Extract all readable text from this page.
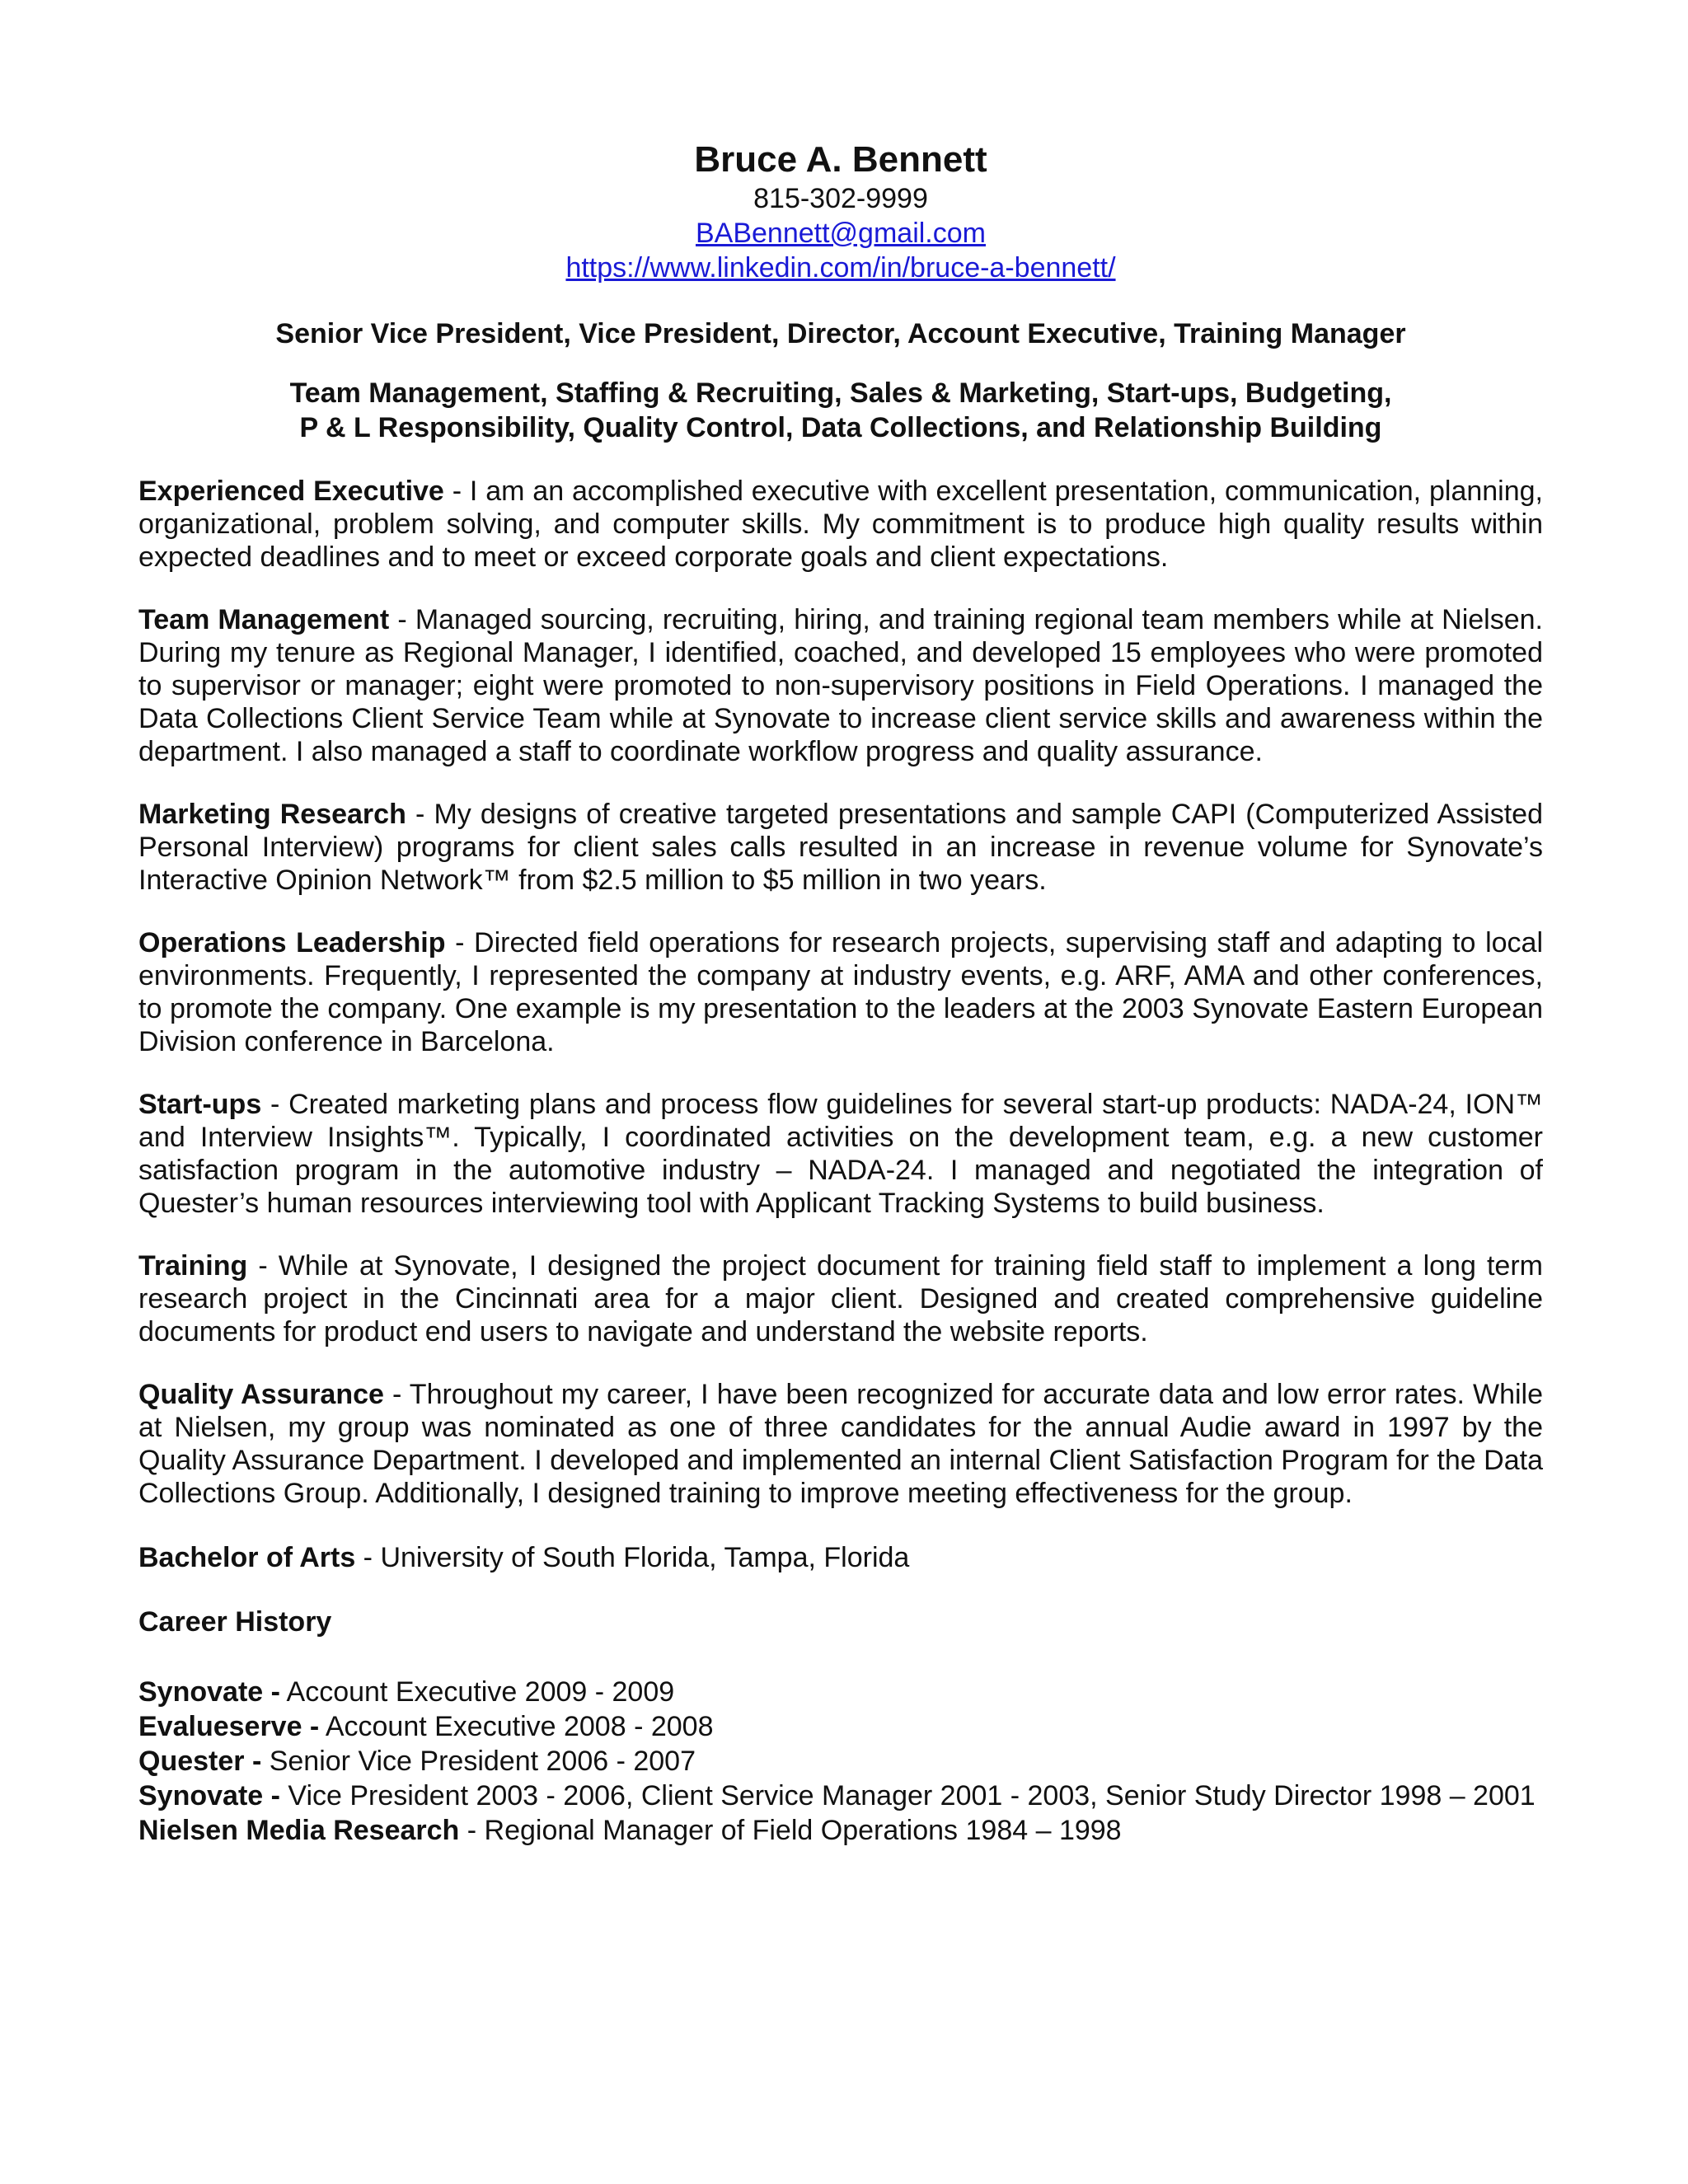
Bruce A. Bennett

815-302-9999

BABennett@gmail.com

https://www.linkedin.com/in/bruce-a-bennett/

Senior Vice President, Vice President, Director, Account Executive, Training Manager

Team Management, Staffing & Recruiting, Sales & Marketing, Start-ups, Budgeting,
P & L Responsibility, Quality Control, Data Collections, and Relationship Building

Experienced Executive - I am an accomplished executive with excellent presentation, communication, planning, organizational, problem solving, and computer skills. My commitment is to produce high quality results within expected deadlines and to meet or exceed corporate goals and client expectations.

Team Management - Managed sourcing, recruiting, hiring, and training regional team members while at Nielsen. During my tenure as Regional Manager, I identified, coached, and developed 15 employees who were promoted to supervisor or manager; eight were promoted to non-supervisory positions in Field Operations. I managed the Data Collections Client Service Team while at Synovate to increase client service skills and awareness within the department. I also managed a staff to coordinate workflow progress and quality assurance.

Marketing Research - My designs of creative targeted presentations and sample CAPI (Computerized Assisted Personal Interview) programs for client sales calls resulted in an increase in revenue volume for Synovate’s Interactive Opinion Network™ from $2.5 million to $5 million in two years.

Operations Leadership - Directed field operations for research projects, supervising staff and adapting to local environments. Frequently, I represented the company at industry events, e.g. ARF, AMA and other conferences, to promote the company. One example is my presentation to the leaders at the 2003 Synovate Eastern European Division conference in Barcelona.

Start-ups - Created marketing plans and process flow guidelines for several start-up products: NADA-24, ION™ and Interview Insights™. Typically, I coordinated activities on the development team, e.g. a new customer satisfaction program in the automotive industry – NADA-24. I managed and negotiated the integration of Quester’s human resources interviewing tool with Applicant Tracking Systems to build business.

Training - While at Synovate, I designed the project document for training field staff to implement a long term research project in the Cincinnati area for a major client. Designed and created comprehensive guideline documents for product end users to navigate and understand the website reports.

Quality Assurance - Throughout my career, I have been recognized for accurate data and low error rates. While at Nielsen, my group was nominated as one of three candidates for the annual Audie award in 1997 by the Quality Assurance Department. I developed and implemented an internal Client Satisfaction Program for the Data Collections Group. Additionally, I designed training to improve meeting effectiveness for the group.

Bachelor of Arts - University of South Florida, Tampa, Florida

Career History

Synovate - Account Executive 2009 - 2009

Evalueserve - Account Executive 2008 - 2008

Quester - Senior Vice President 2006 - 2007

Synovate - Vice President 2003 - 2006, Client Service Manager 2001 - 2003, Senior Study Director 1998 – 2001

Nielsen Media Research - Regional Manager of Field Operations 1984 – 1998
